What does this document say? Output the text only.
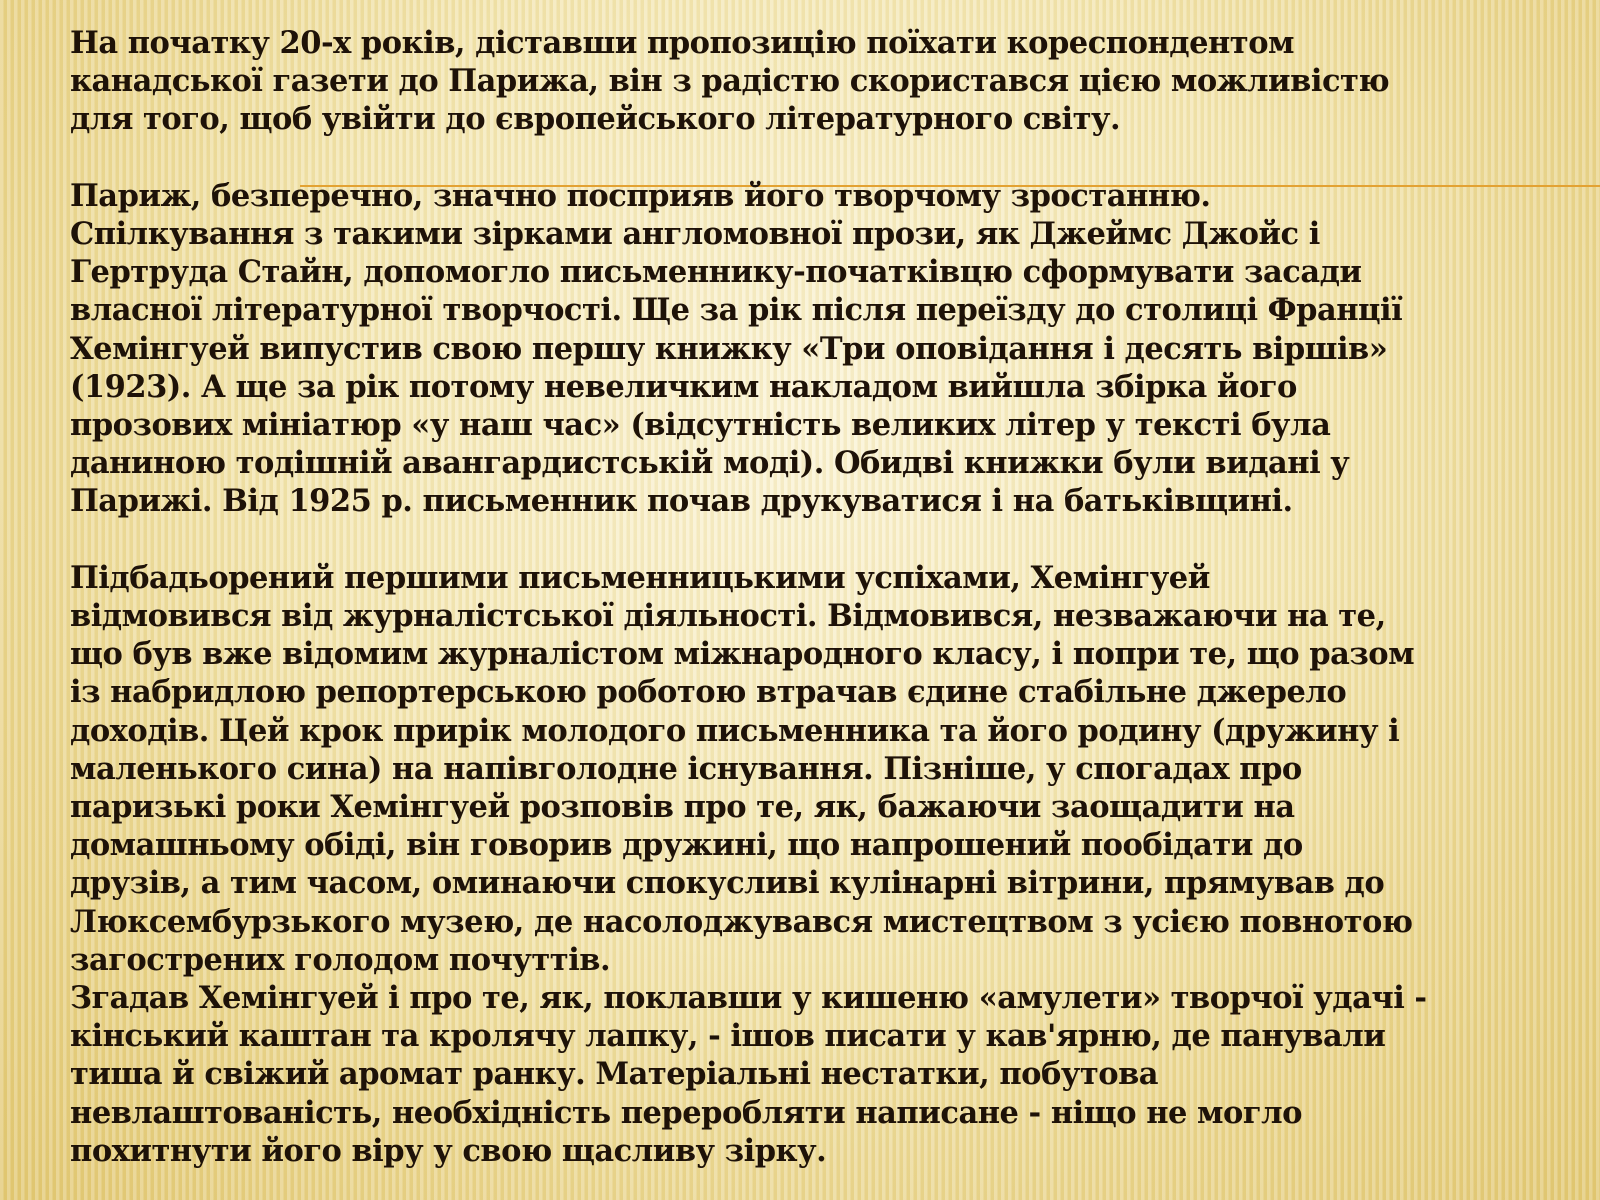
На початку 20-х років, діставши пропозицію поїхати кореспондентом

канадської газети до Парижа, він з радістю скористався цією можливістю

для того, щоб увійти до європейського літературного світу.

Париж, безперечно, значно посприяв його творчому зростанню.

Спілкування з такими зірками англомовної прози, як Джеймс Джойс і

Гертруда Стайн, допомогло письменнику-початківцю сформувати засади

власної літературної творчості. Ще за рік після переїзду до столиці Франції

Хемінгуей випустив свою першу книжку «Три оповідання і десять віршів»

(1923). А ще за рік потому невеличким накладом вийшла збірка його

прозових мініатюр «у наш час» (відсутність великих літер у тексті була

даниною тодішній авангардистській моді). Обидві книжки були видані у

Парижі. Від 1925 р. письменник почав друкуватися і на батьківщині.

Підбадьорений першими письменницькими успіхами, Хемінгуей

відмовився від журналістської діяльності. Відмовився, незважаючи на те,

що був вже відомим журналістом міжнародного класу, і попри те, що разом

із набридлою репортерською роботою втрачав єдине стабільне джерело

доходів. Цей крок прирік молодого письменника та його родину (дружину і

маленького сина) на напівголодне існування. Пізніше, у спогадах про

паризькі роки Хемінгуей розповів про те, як, бажаючи заощадити на

домашньому обіді, він говорив дружині, що напрошений пообідати до

друзів, а тим часом, оминаючи спокусливі кулінарні вітрини, прямував до

Люксембурзького музею, де насолоджувався мистецтвом з усією повнотою

загострених голодом почуттів.

Згадав Хемінгуей і про те, як, поклавши у кишеню «амулети» творчої удачі -

кінський каштан та кролячу лапку, - ішов писати у кав'ярню, де панували

тиша й свіжий аромат ранку. Матеріальні нестатки, побутова

невлаштованість, необхідність переробляти написане - ніщо не могло

похитнути його віру у свою щасливу зірку.
